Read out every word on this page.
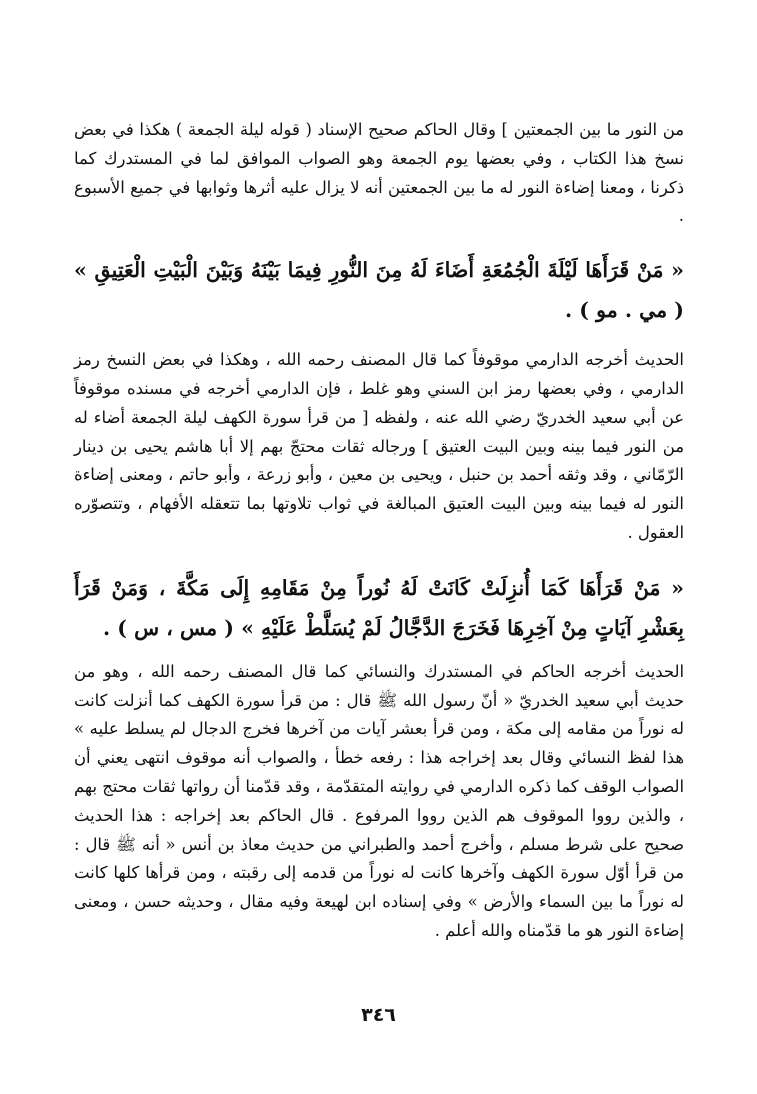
من النور ما بين الجمعتين ] وقال الحاكم صحيح الإسناد ( قوله ليلة الجمعة ) هكذا في بعض نسخ هذا الكتاب ، وفي بعضها يوم الجمعة وهو الصواب الموافق لما في المستدرك كما ذكرنا ، ومعنا إضاءة النور له ما بين الجمعتين أنه لا يزال عليه أثرها وثوابها في جميع الأسبوع .

« مَنْ قَرَأَهَا لَيْلَةَ الْجُمُعَةِ أَضَاءَ لَهُ مِنَ النُّورِ فِيمَا بَيْنَهُ وَبَيْنَ الْبَيْتِ الْعَتِيقِ » ( مي . مو ) .

الحديث أخرجه الدارمي موقوفاً كما قال المصنف رحمه الله ، وهكذا في بعض النسخ رمز الدارمي ، وفي بعضها رمز ابن السني وهو غلط ، فإن الدارمي أخرجه في مسنده موقوفاً عن أبي سعيد الخدريّ رضي الله عنه ، ولفظه [ من قرأ سورة الكهف ليلة الجمعة أضاء له من النور فيما بينه وبين البيت العتيق ] ورجاله ثقات محتجّ بهم إلا أبا هاشم يحيى بن دينار الرّمّاني ، وقد وثقه أحمد بن حنبل ، ويحيى بن معين ، وأبو زرعة ، وأبو حاتم ، ومعنى إضاءة النور له فيما بينه وبين البيت العتيق المبالغة في ثواب تلاوتها بما تتعقله الأفهام ، وتتصوّره العقول .

« مَنْ قَرَأَهَا كَمَا أُنزِلَتْ كَانَتْ لَهُ نُوراً مِنْ مَقَامِهِ إِلَى مَكَّةَ ، وَمَنْ قَرَأَ بِعَشْرِ آيَاتٍ مِنْ آخِرِهَا فَخَرَجَ الدَّجَّالُ لَمْ يُسَلَّطْ عَلَيْهِ » ( مس ، س ) .

الحديث أخرجه الحاكم في المستدرك والنسائي كما قال المصنف رحمه الله ، وهو من حديث أبي سعيد الخدريّ « أنّ رسول الله ﷺ قال : من قرأ سورة الكهف كما أنزلت كانت له نوراً من مقامه إلى مكة ، ومن قرأ بعشر آيات من آخرها فخرج الدجال لم يسلط عليه » هذا لفظ النسائي وقال بعد إخراجه هذا : رفعه خطأ ، والصواب أنه موقوف انتهى يعني أن الصواب الوقف كما ذكره الدارمي في روايته المتقدّمة ، وقد قدّمنا أن رواتها ثقات محتج بهم ، والذين رووا الموقوف هم الذين رووا المرفوع . قال الحاكم بعد إخراجه : هذا الحديث صحيح على شرط مسلم ، وأخرج أحمد والطبراني من حديث معاذ بن أنس « أنه ﷺ قال : من قرأ أوّل سورة الكهف وآخرها كانت له نوراً من قدمه إلى رقبته ، ومن قرأها كلها كانت له نوراً ما بين السماء والأرض » وفي إسناده ابن لهيعة وفيه مقال ، وحديثه حسن ، ومعنى إضاءة النور هو ما قدّمناه والله أعلم .

٣٤٦
